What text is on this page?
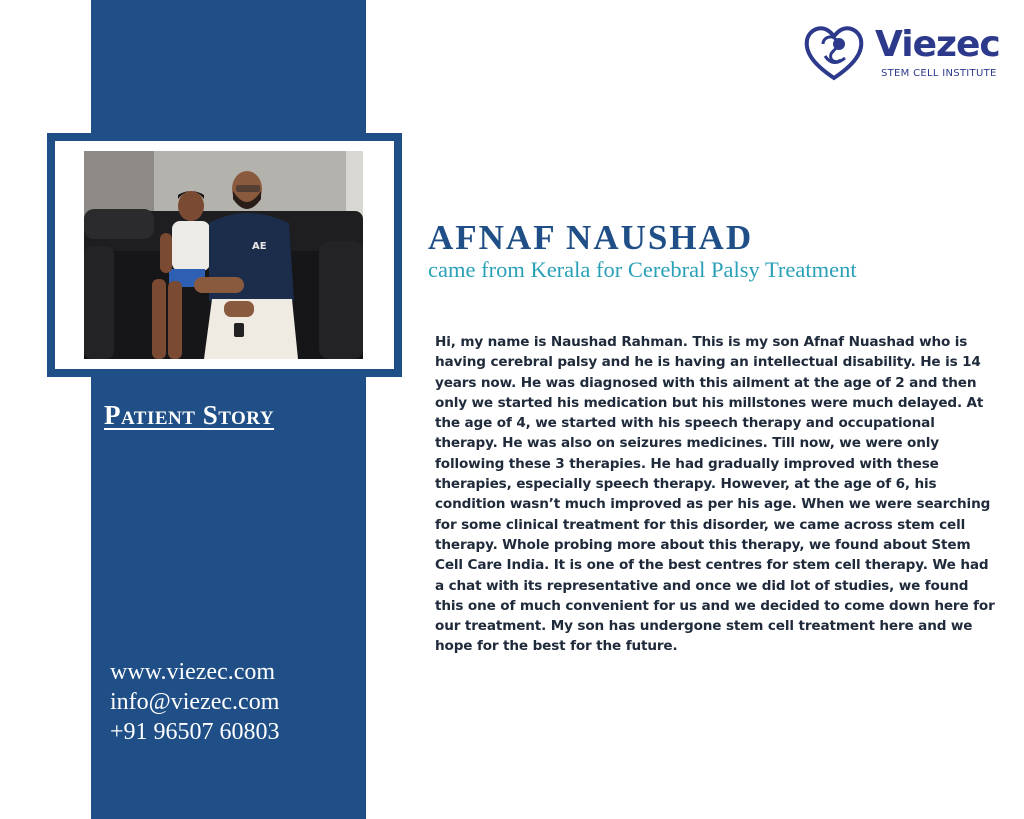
AE
Patient Story
www.viezec.com
info@viezec.com
+91 96507 60803
Viezec
STEM CELL INSTITUTE
AFNAF NAUSHAD
came from Kerala for Cerebral Palsy Treatment
Hi, my name is Naushad Rahman. This is my son Afnaf Nuashad who is having cerebral palsy and he is having an intellectual disability. He is 14 years now. He was diagnosed with this ailment at the age of 2 and then only we started his medication but his millstones were much delayed. At the age of 4, we started with his speech therapy and occupational therapy. He was also on seizures medicines. Till now, we were only following these 3 therapies. He had gradually improved with these therapies, especially speech therapy. However, at the age of 6, his condition wasn’t much improved as per his age. When we were searching for some clinical treatment for this disorder, we came across stem cell therapy. Whole probing more about this therapy, we found about Stem Cell Care India. It is one of the best centres for stem cell therapy. We had a chat with its representative and once we did lot of studies, we found this one of much convenient for us and we decided to come down here for our treatment. My son has undergone stem cell treatment here and we hope for the best for the future.
